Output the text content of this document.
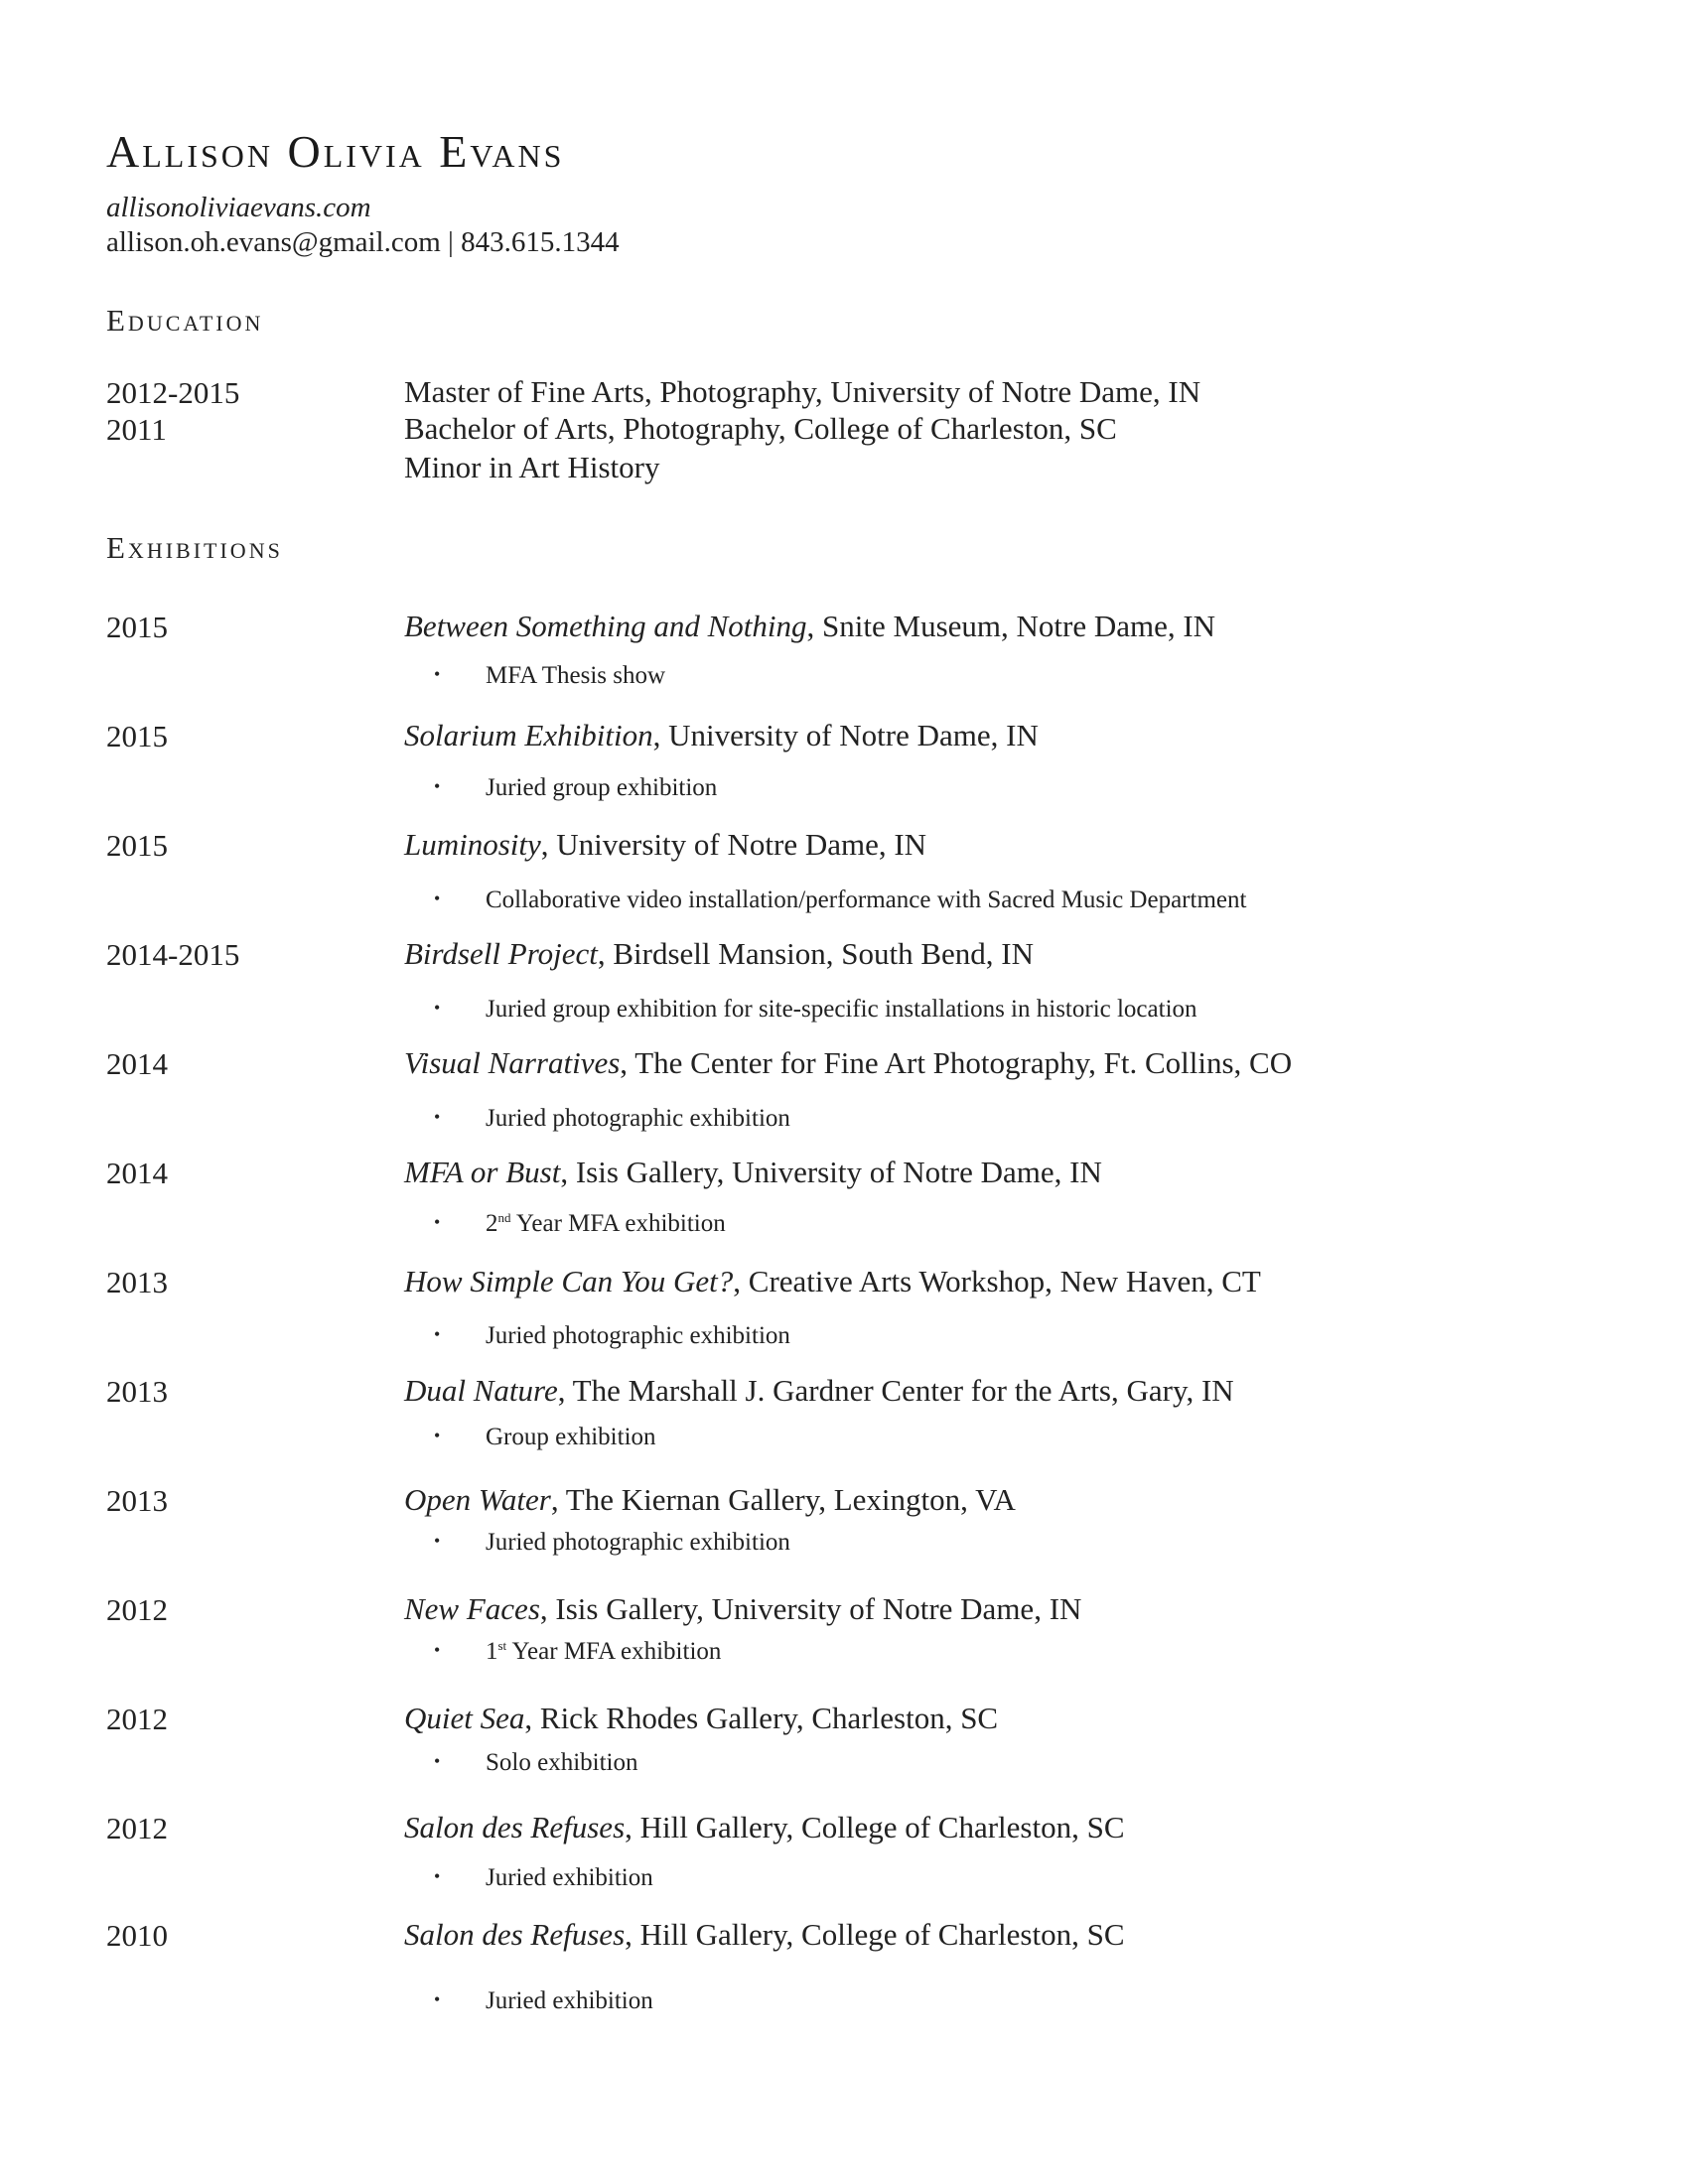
Allison Olivia Evans
allisonoliviaevans.com
allison.oh.evans@gmail.com | 843.615.1344
Education
2012-2015	Master of Fine Arts, Photography, University of Notre Dame, IN
2011	Bachelor of Arts, Photography, College of Charleston, SC
Minor in Art History
Exhibitions
2015	Between Something and Nothing, Snite Museum, Notre Dame, IN
• MFA Thesis show
2015	Solarium Exhibition, University of Notre Dame, IN
• Juried group exhibition
2015	Luminosity, University of Notre Dame, IN
• Collaborative video installation/performance with Sacred Music Department
2014-2015	Birdsell Project, Birdsell Mansion, South Bend, IN
• Juried group exhibition for site-specific installations in historic location
2014	Visual Narratives, The Center for Fine Art Photography, Ft. Collins, CO
• Juried photographic exhibition
2014	MFA or Bust, Isis Gallery, University of Notre Dame, IN
• 2nd Year MFA exhibition
2013	How Simple Can You Get?, Creative Arts Workshop, New Haven, CT
• Juried photographic exhibition
2013	Dual Nature, The Marshall J. Gardner Center for the Arts, Gary, IN
• Group exhibition
2013	Open Water, The Kiernan Gallery, Lexington, VA
• Juried photographic exhibition
2012	New Faces, Isis Gallery, University of Notre Dame, IN
• 1st Year MFA exhibition
2012	Quiet Sea, Rick Rhodes Gallery, Charleston, SC
• Solo exhibition
2012	Salon des Refuses, Hill Gallery, College of Charleston, SC
• Juried exhibition
2010	Salon des Refuses, Hill Gallery, College of Charleston, SC
• Juried exhibition
